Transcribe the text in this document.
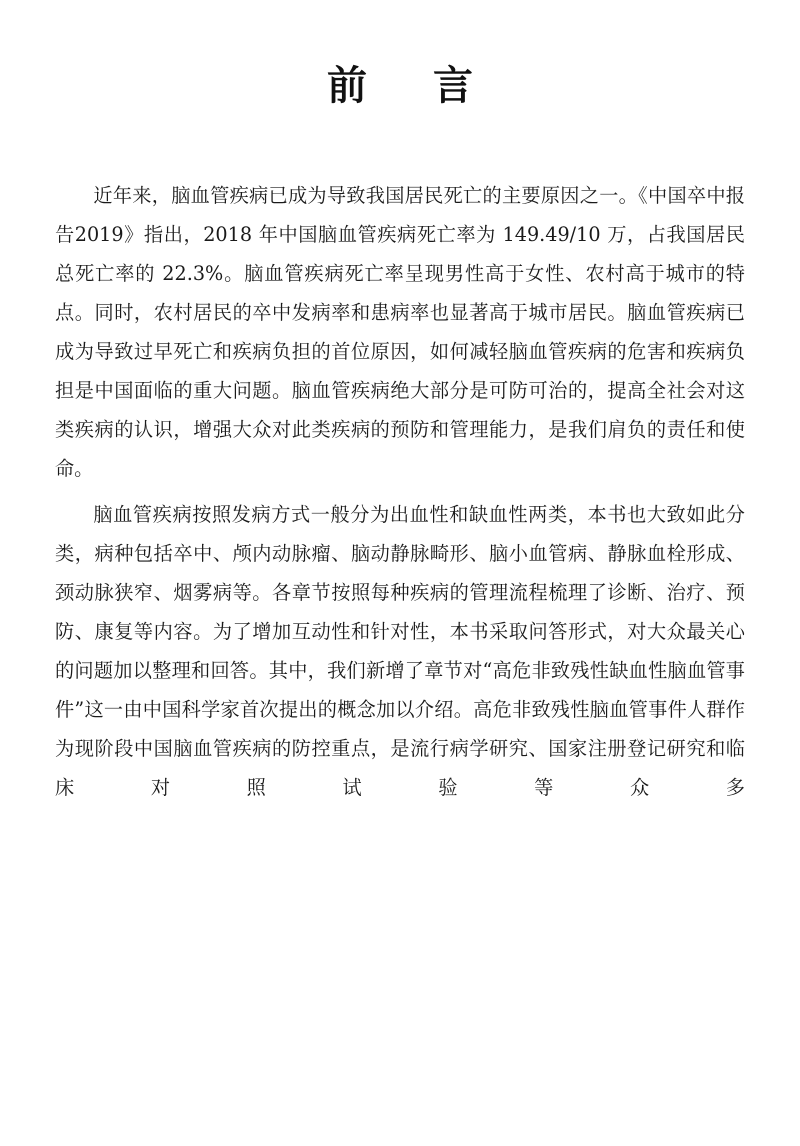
前 言

近年来，脑血管疾病已成为导致我国居民死亡的主要原因之一。《中国卒中报告2019》指出，2018 年中国脑血管疾病死亡率为 149.49/10 万，占我国居民总死亡率的 22.3%。脑血管疾病死亡率呈现男性高于女性、农村高于城市的特点。同时，农村居民的卒中发病率和患病率也显著高于城市居民。脑血管疾病已成为导致过早死亡和疾病负担的首位原因，如何减轻脑血管疾病的危害和疾病负担是中国面临的重大问题。脑血管疾病绝大部分是可防可治的，提高全社会对这类疾病的认识，增强大众对此类疾病的预防和管理能力，是我们肩负的责任和使命。

脑血管疾病按照发病方式一般分为出血性和缺血性两类，本书也大致如此分类，病种包括卒中、颅内动脉瘤、脑动静脉畸形、脑小血管病、静脉血栓形成、颈动脉狭窄、烟雾病等。各章节按照每种疾病的管理流程梳理了诊断、治疗、预防、康复等内容。为了增加互动性和针对性，本书采取问答形式，对大众最关心的问题加以整理和回答。其中，我们新增了章节对“高危非致残性缺血性脑血管事件”这一由中国科学家首次提出的概念加以介绍。高危非致残性脑血管事件人群作为现阶段中国脑血管疾病的防控重点，是流行病学研究、国家注册登记研究和临床对照试验等众多
